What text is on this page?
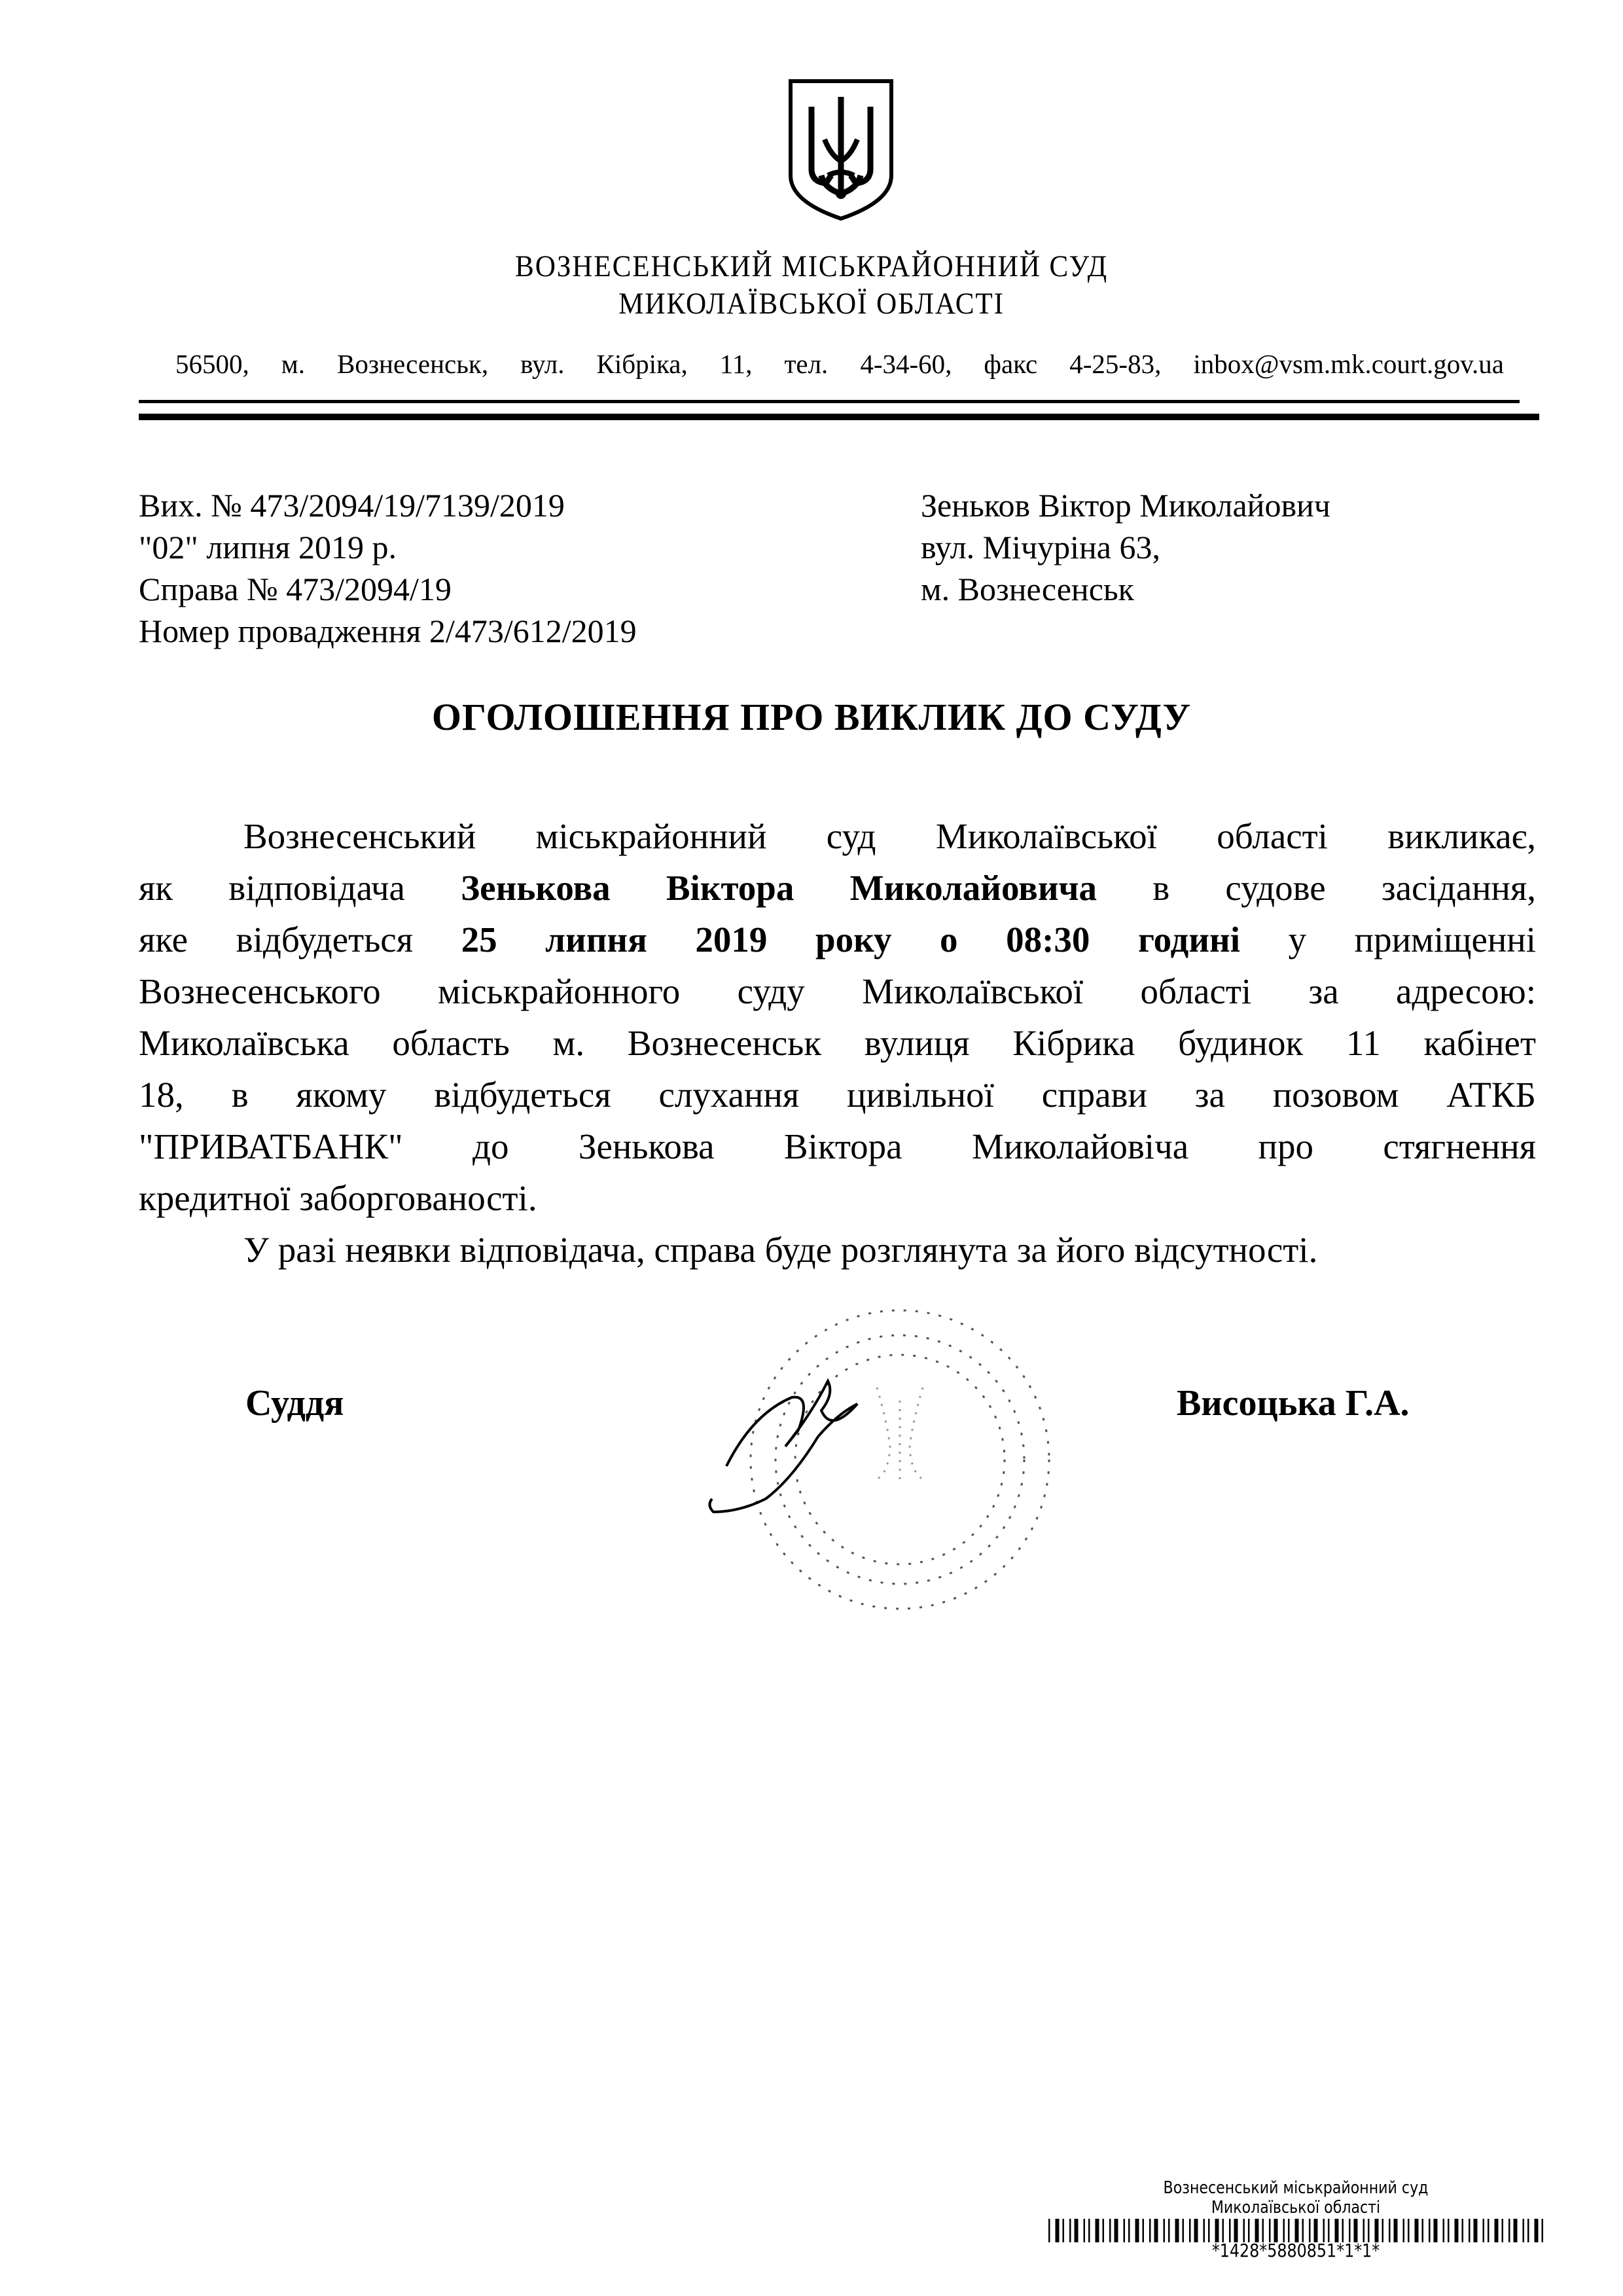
ВОЗНЕСЕНСЬКИЙ МІСЬКРАЙОННИЙ СУД
МИКОЛАЇВСЬКОЇ ОБЛАСТІ
56500, м. Вознесенськ, вул. Кібріка, 11, тел. 4-34-60, факс 4-25-83, inbox@vsm.mk.court.gov.ua
Вих. № 473/2094/19/7139/2019
"02" липня 2019 р.
Справа № 473/2094/19
Номер провадження 2/473/612/2019
Зеньков Віктор Миколайович
вул. Мічуріна 63,
м. Вознесенськ
ОГОЛОШЕННЯ ПРО ВИКЛИК ДО СУДУ
Вознесенський міськрайонний суд Миколаївської області викликає,
як відповідача Зенькова Віктора Миколайовича в судове засідання,
яке відбудеться 25 липня 2019 року о 08:30 годині у приміщенні
Вознесенського міськрайонного суду Миколаївської області за адресою:
Миколаївська область м. Вознесенськ вулиця Кібрика будинок 11 кабінет
18, в якому відбудеться слухання цивільної справи за позовом АТКБ
"ПРИВАТБАНК" до Зенькова Віктора Миколайовіча про стягнення
кредитної заборгованості.
У разі неявки відповідача, справа буде розглянута за його відсутності.
Суддя	Висоцька Г.А.
Вознесенський міськрайонний суд
Миколаївської області
*1428*5880851*1*1*
